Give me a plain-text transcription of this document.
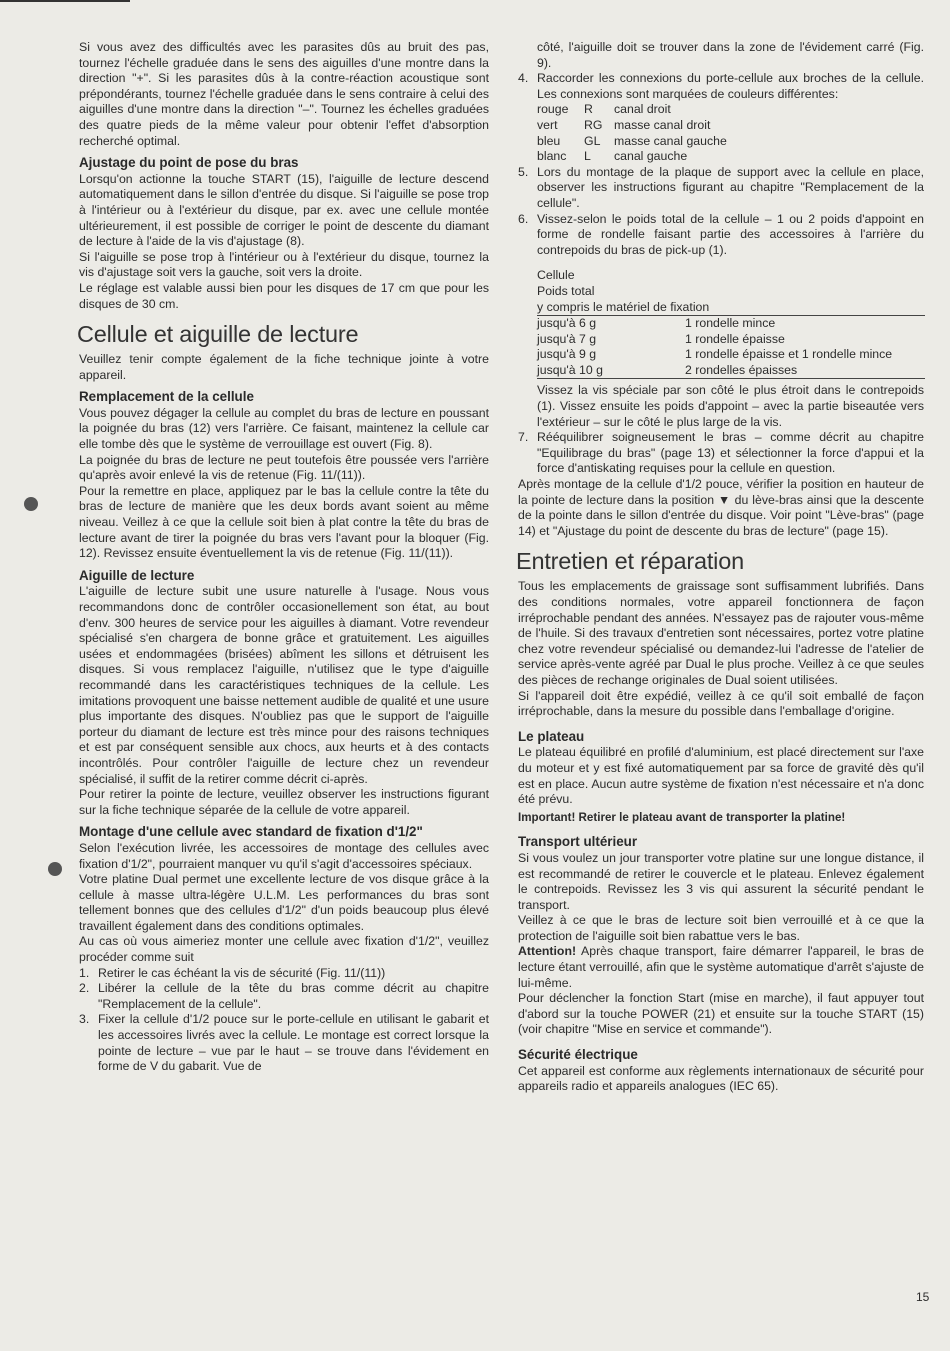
Si vous avez des difficultés avec les parasites dûs au bruit des pas, tournez l'échelle graduée dans le sens des aiguilles d'une montre dans la direction "+". Si les parasites dûs à la contre-réaction acoustique sont prépondérants, tournez l'échelle graduée dans le sens contraire à celui des aiguilles d'une montre dans la direction "–". Tournez les échelles graduées des quatre pieds de la même valeur pour obtenir l'effet d'absorption recherché optimal.

Ajustage du point de pose du bras

Lorsqu'on actionne la touche START (15), l'aiguille de lecture descend automatiquement dans le sillon d'entrée du disque. Si l'aiguille se pose trop à l'intérieur ou à l'extérieur du disque, par ex. avec une cellule montée ultérieurement, il est possible de corriger le point de descente du diamant de lecture à l'aide de la vis d'ajustage (8).

Si l'aiguille se pose trop à l'intérieur ou à l'extérieur du disque, tournez la vis d'ajustage soit vers la gauche, soit vers la droite.

Le réglage est valable aussi bien pour les disques de 17 cm que pour les disques de 30 cm.

Cellule et aiguille de lecture

Veuillez tenir compte également de la fiche technique jointe à votre appareil.

Remplacement de la cellule

Vous pouvez dégager la cellule au complet du bras de lecture en poussant la poignée du bras (12) vers l'arrière. Ce faisant, maintenez la cellule car elle tombe dès que le système de verrouillage est ouvert (Fig. 8).

La poignée du bras de lecture ne peut toutefois être poussée vers l'arrière qu'après avoir enlevé la vis de retenue (Fig. 11/(11)).

Pour la remettre en place, appliquez par le bas la cellule contre la tête du bras de lecture de manière que les deux bords avant soient au même niveau. Veillez à ce que la cellule soit bien à plat contre la tête du bras de lecture avant de tirer la poignée du bras vers l'avant pour la bloquer (Fig. 12). Revissez ensuite éventuellement la vis de retenue (Fig. 11/(11)).

Aiguille de lecture

L'aiguille de lecture subit une usure naturelle à l'usage. Nous vous recommandons donc de contrôler occasionellement son état, au bout d'env. 300 heures de service pour les aiguilles à diamant. Votre revendeur spécialisé s'en chargera de bonne grâce et gratuitement. Les aiguilles usées et endommagées (brisées) abîment les sillons et détruisent les disques. Si vous remplacez l'aiguille, n'utilisez que le type d'aiguille recommandé dans les caractéristiques techniques de la cellule. Les imitations provoquent une baisse nettement audible de qualité et une usure plus importante des disques. N'oubliez pas que le support de l'aiguille porteur du diamant de lecture est très mince pour des raisons techniques et est par conséquent sensible aux chocs, aux heurts et à des contacts incontrôlés. Pour contrôler l'aiguille de lecture chez un revendeur spécialisé, il suffit de la retirer comme décrit ci-après.

Pour retirer la pointe de lecture, veuillez observer les instructions figurant sur la fiche technique séparée de la cellule de votre appareil.

Montage d'une cellule avec standard de fixation d'1/2"

Selon l'exécution livrée, les accessoires de montage des cellules avec fixation d'1/2", pourraient manquer vu qu'il s'agit d'accessoires spéciaux.

Votre platine Dual permet une excellente lecture de vos disque grâce à la cellule à masse ultra-légère U.L.M. Les performances du bras sont tellement bonnes que des cellules d'1/2" d'un poids beaucoup plus élevé travaillent également dans des conditions optimales.

Au cas où vous aimeriez monter une cellule avec fixation d'1/2", veuillez procéder comme suit

1. Retirer le cas échéant la vis de sécurité (Fig. 11/(11))
2. Libérer la cellule de la tête du bras comme décrit au chapitre "Remplacement de la cellule".
3. Fixer la cellule d'1/2 pouce sur le porte-cellule en utilisant le gabarit et les accessoires livrés avec la cellule. Le montage est correct lorsque la pointe de lecture – vue par le haut – se trouve dans l'évidement en forme de V du gabarit. Vue de

côté, l'aiguille doit se trouver dans la zone de l'évidement carré (Fig. 9).

4. Raccorder les connexions du porte-cellule aux broches de la cellule. Les connexions sont marquées de couleurs différentes:
rouge	R	canal droit
vert	RG masse canal droit
bleu	GL	masse canal gauche
blanc	L	canal gauche
5. Lors du montage de la plaque de support avec la cellule en place, observer les instructions figurant au chapitre "Remplacement de la cellule".
6. Vissez-selon le poids total de la cellule – 1 ou 2 poids d'appoint en forme de rondelle faisant partie des accessoires à l'arrière du contrepoids du bras de pick-up (1).
Cellule	
Poids total	
y compris le matériel de fixation	
jusqu'à 6 g	1 rondelle mince
jusqu'à 7 g	1 rondelle épaisse
jusqu'à 9 g	1 rondelle épaisse et 1 rondelle mince
jusqu'à 10 g	2 rondelles épaisses

Vissez la vis spéciale par son côté le plus étroit dans le contrepoids (1). Vissez ensuite les poids d'appoint – avec la partie biseautée vers l'extérieur – sur le côté le plus large de la vis.

7. Rééquilibrer soigneusement le bras – comme décrit au chapitre "Equilibrage du bras" (page 13) et sélectionner la force d'appui et la force d'antiskating requises pour la cellule en question.

Après montage de la cellule d'1/2 pouce, vérifier la position en hauteur de la pointe de lecture dans la position ▼ du lève-bras ainsi que la descente de la pointe dans le sillon d'entrée du disque. Voir point "Lève-bras" (page 14) et "Ajustage du point de descente du bras de lecture" (page 15).

Entretien et réparation

Tous les emplacements de graissage sont suffisamment lubrifiés. Dans des conditions normales, votre appareil fonctionnera de façon irréprochable pendant des années. N'essayez pas de rajouter vous-même de l'huile. Si des travaux d'entretien sont nécessaires, portez votre platine chez votre revendeur spécialisé ou demandez-lui l'adresse de l'atelier de service après-vente agréé par Dual le plus proche. Veillez à ce que seules des pièces de rechange originales de Dual soient utilisées.

Si l'appareil doit être expédié, veillez à ce qu'il soit emballé de façon irréprochable, dans la mesure du possible dans l'emballage d'origine.

Le plateau

Le plateau équilibré en profilé d'aluminium, est placé directement sur l'axe du moteur et y est fixé automatiquement par sa force de gravité dès qu'il est en place. Aucun autre système de fixation n'est nécessaire et n'a donc été prévu.

Important! Retirer le plateau avant de transporter la platine!

Transport ultérieur

Si vous voulez un jour transporter votre platine sur une longue distance, il est recommandé de retirer le couvercle et le plateau. Enlevez également le contrepoids. Revissez les 3 vis qui assurent la sécurité pendant le transport.

Veillez à ce que le bras de lecture soit bien verrouillé et à ce que la protection de l'aiguille soit bien rabattue vers le bas.

Attention! Après chaque transport, faire démarrer l'appareil, le bras de lecture étant verrouillé, afin que le système automatique d'arrêt s'ajuste de lui-même.

Pour déclencher la fonction Start (mise en marche), il faut appuyer tout d'abord sur la touche POWER (21) et ensuite sur la touche START (15) (voir chapitre "Mise en service et commande").

Sécurité électrique

Cet appareil est conforme aux règlements internationaux de sécurité pour appareils radio et appareils analogues (IEC 65).

15
